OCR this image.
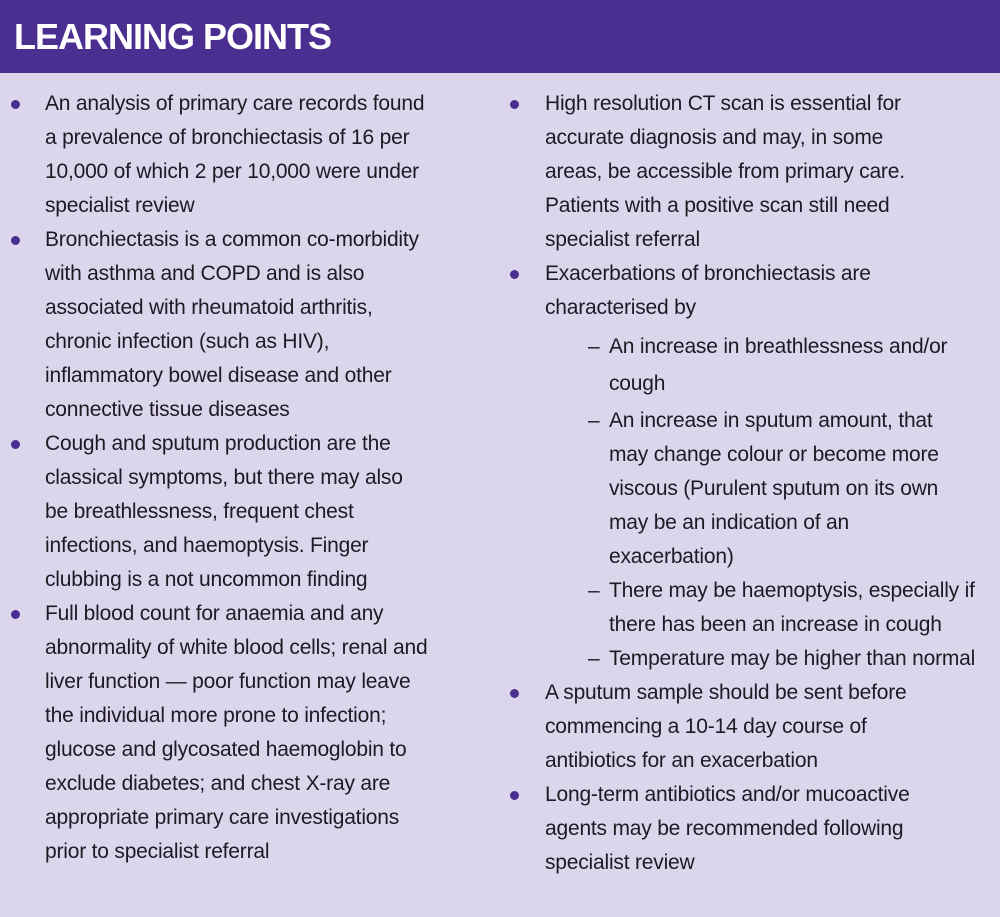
LEARNING POINTS
An analysis of primary care records found
a prevalence of bronchiectasis of 16 per
10,000 of which 2 per 10,000 were under
specialist review
Bronchiectasis is a common co-morbidity
with asthma and COPD and is also
associated with rheumatoid arthritis,
chronic infection (such as HIV),
inflammatory bowel disease and other
connective tissue diseases
Cough and sputum production are the
classical symptoms, but there may also
be breathlessness, frequent chest
infections, and haemoptysis. Finger
clubbing is a not uncommon finding
Full blood count for anaemia and any
abnormality of white blood cells; renal and
liver function — poor function may leave
the individual more prone to infection;
glucose and glycosated haemoglobin to
exclude diabetes; and chest X-ray are
appropriate primary care investigations
prior to specialist referral
High resolution CT scan is essential for
accurate diagnosis and may, in some
areas, be accessible from primary care.
Patients with a positive scan still need
specialist referral
Exacerbations of bronchiectasis are
characterised by
– An increase in breathlessness and/or
cough
– An increase in sputum amount, that
may change colour or become more
viscous (Purulent sputum on its own
may be an indication of an
exacerbation)
– There may be haemoptysis, especially if
there has been an increase in cough
– Temperature may be higher than normal
A sputum sample should be sent before
commencing a 10-14 day course of
antibiotics for an exacerbation
Long-term antibiotics and/or mucoactive
agents may be recommended following
specialist review
